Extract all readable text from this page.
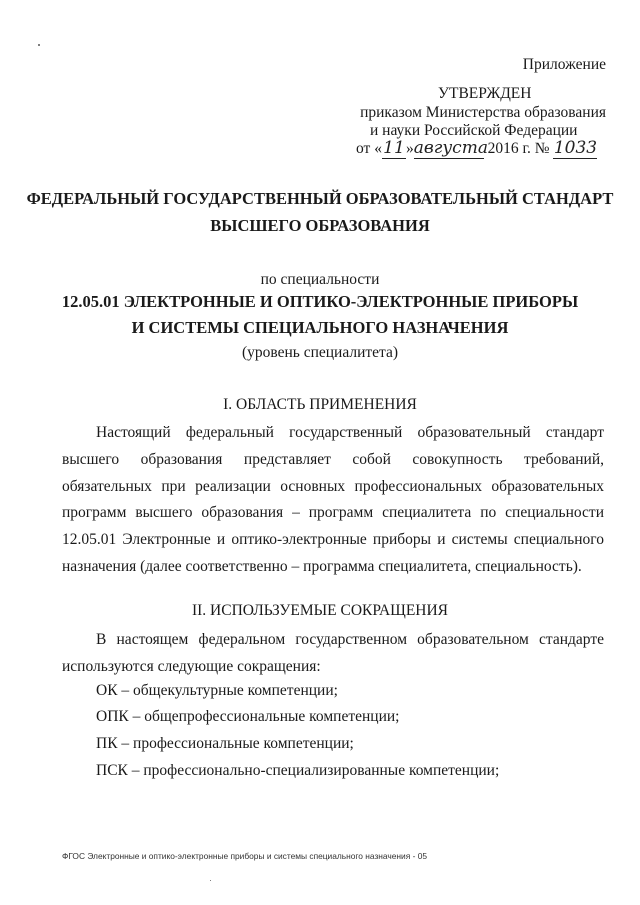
Приложение
УТВЕРЖДЕН
приказом Министерства образования
и науки Российской Федерации
от «11»августа 2016 г. № 1033
ФЕДЕРАЛЬНЫЙ ГОСУДАРСТВЕННЫЙ ОБРАЗОВАТЕЛЬНЫЙ СТАНДАРТ
ВЫСШЕГО ОБРАЗОВАНИЯ
по специальности
12.05.01 ЭЛЕКТРОННЫЕ И ОПТИКО-ЭЛЕКТРОННЫЕ ПРИБОРЫ
И СИСТЕМЫ СПЕЦИАЛЬНОГО НАЗНАЧЕНИЯ
(уровень специалитета)
I. ОБЛАСТЬ ПРИМЕНЕНИЯ
Настоящий федеральный государственный образовательный стандарт высшего образования представляет собой совокупность требований, обязательных при реализации основных профессиональных образовательных программ высшего образования – программ специалитета по специальности 12.05.01 Электронные и оптико-электронные приборы и системы специального назначения (далее соответственно – программа специалитета, специальность).
II. ИСПОЛЬЗУЕМЫЕ СОКРАЩЕНИЯ
В настоящем федеральном государственном образовательном стандарте используются следующие сокращения:
ОК – общекультурные компетенции;
ОПК – общепрофессиональные компетенции;
ПК – профессиональные компетенции;
ПСК – профессионально-специализированные компетенции;
ФГОС Электронные и оптико-электронные приборы и системы специального назначения - 05
